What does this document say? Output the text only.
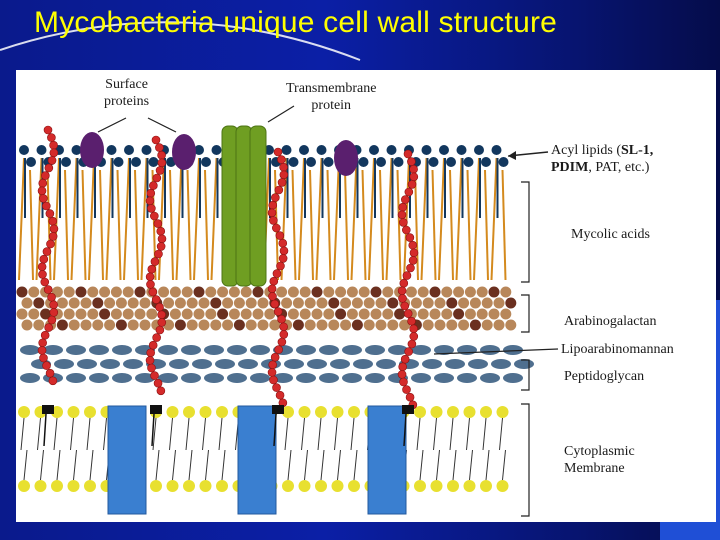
Mycobacteria unique cell wall structure
Surface
proteins
Transmembrane
protein
Acyl lipids (SL-1,
PDIM, PAT, etc.)
Mycolic acids
Arabinogalactan
Lipoarabinomannan
Peptidoglycan
Cytoplasmic
Membrane
